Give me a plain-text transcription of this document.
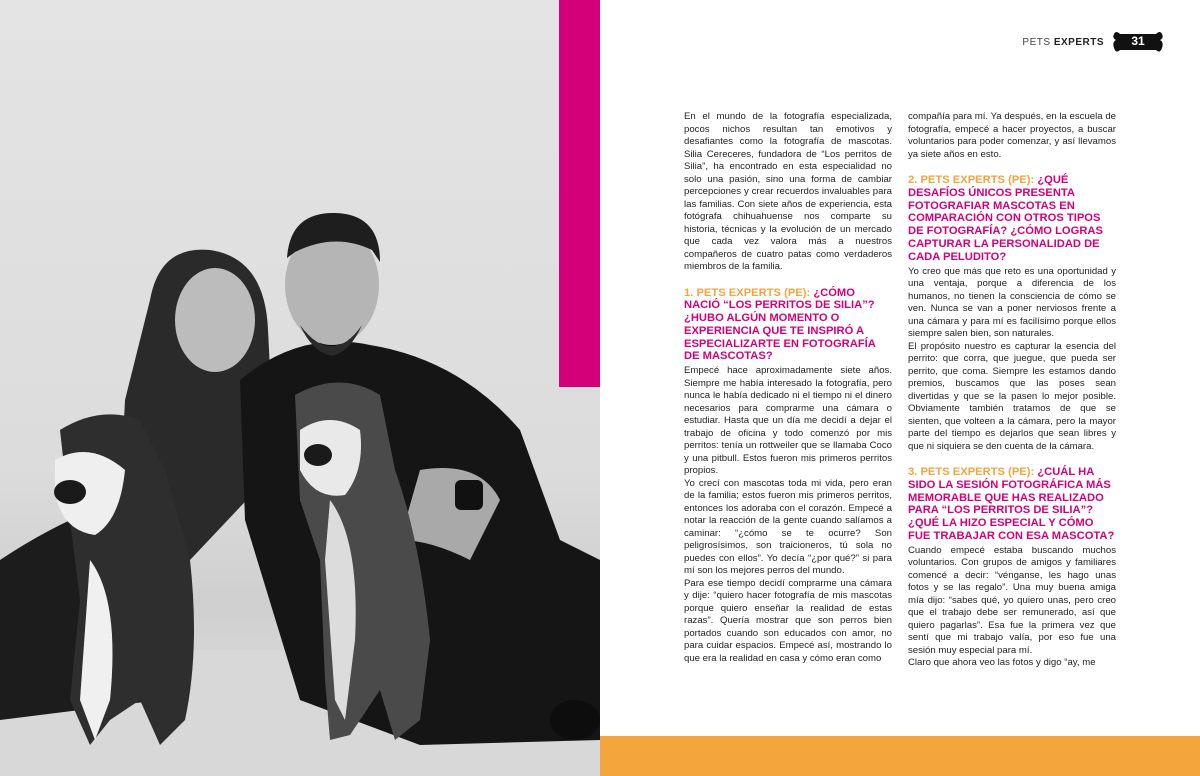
PETS EXPERTS	31

En el mundo de la fotografía especializada, pocos nichos resultan tan emotivos y desafiantes como la fotografía de mascotas. Silia Cereceres, fundadora de “Los perritos de Silia”, ha encontrado en esta especialidad no solo una pasión, sino una forma de cambiar percepciones y crear recuerdos invaluables para las familias. Con siete años de experiencia, esta fotógrafa chihuahuense nos comparte su historia, técnicas y la evolución de un mercado que cada vez valora más a nuestros compañeros de cuatro patas como verdaderos miembros de la familia.

1. PETS EXPERTS (PE): ¿CÓMO NACIÓ “LOS PERRITOS DE SILIA”? ¿HUBO ALGÚN MOMENTO O EXPERIENCIA QUE TE INSPIRÓ A ESPECIALIZARTE EN FOTOGRAFÍA DE MASCOTAS?

Empecé hace aproximadamente siete años. Siempre me había interesado la fotografía, pero nunca le había dedicado ni el tiempo ni el dinero necesarios para comprarme una cámara o estudiar. Hasta que un día me decidí a dejar el trabajo de oficina y todo comenzó por mis perritos: tenía un rottweiler que se llamaba Coco y una pitbull. Estos fueron mis primeros perritos propios.

Yo crecí con mascotas toda mi vida, pero eran de la familia; estos fueron mis primeros perritos, entonces los adoraba con el corazón. Empecé a notar la reacción de la gente cuando salíamos a caminar: “¿cómo se te ocurre? Son peligrosísimos, son traicioneros, tú sola no puedes con ellos”. Yo decía “¿por qué?” si para mí son los mejores perros del mundo.

Para ese tiempo decidí comprarme una cámara y dije: “quiero hacer fotografía de mis mascotas porque quiero enseñar la realidad de estas razas”. Quería mostrar que son perros bien portados cuando son educados con amor, no para cuidar espacios. Empecé así, mostrando lo que era la realidad en casa y cómo eran como

compañía para mí. Ya después, en la escuela de fotografía, empecé a hacer proyectos, a buscar voluntarios para poder comenzar, y así llevamos ya siete años en esto.

2. PETS EXPERTS (PE): ¿QUÉ DESAFÍOS ÚNICOS PRESENTA FOTOGRAFIAR MASCOTAS EN COMPARACIÓN CON OTROS TIPOS DE FOTOGRAFÍA? ¿CÓMO LOGRAS CAPTURAR LA PERSONALIDAD DE CADA PELUDITO?

Yo creo que más que reto es una oportunidad y una ventaja, porque a diferencia de los humanos, no tienen la consciencia de cómo se ven. Nunca se van a poner nerviosos frente a una cámara y para mí es facilísimo porque ellos siempre salen bien, son naturales.

El propósito nuestro es capturar la esencia del perrito: que corra, que juegue, que pueda ser perrito, que coma. Siempre les estamos dando premios, buscamos que las poses sean divertidas y que se la pasen lo mejor posible. Obviamente también tratamos de que se sienten, que volteen a la cámara, pero la mayor parte del tiempo es dejarlos que sean libres y que ni siquiera se den cuenta de la cámara.

3. PETS EXPERTS (PE): ¿CUÁL HA SIDO LA SESIÓN FOTOGRÁFICA MÁS MEMORABLE QUE HAS REALIZADO PARA “LOS PERRITOS DE SILIA”? ¿QUÉ LA HIZO ESPECIAL Y CÓMO FUE TRABAJAR CON ESA MASCOTA?

Cuando empecé estaba buscando muchos voluntarios. Con grupos de amigos y familiares comencé a decir: “vénganse, les hago unas fotos y se las regalo”. Una muy buena amiga mía dijo: “sabes qué, yo quiero unas, pero creo que el trabajo debe ser remunerado, así que quiero pagarlas”. Esa fue la primera vez que sentí que mi trabajo valía, por eso fue una sesión muy especial para mí.

Claro que ahora veo las fotos y digo “ay, me
